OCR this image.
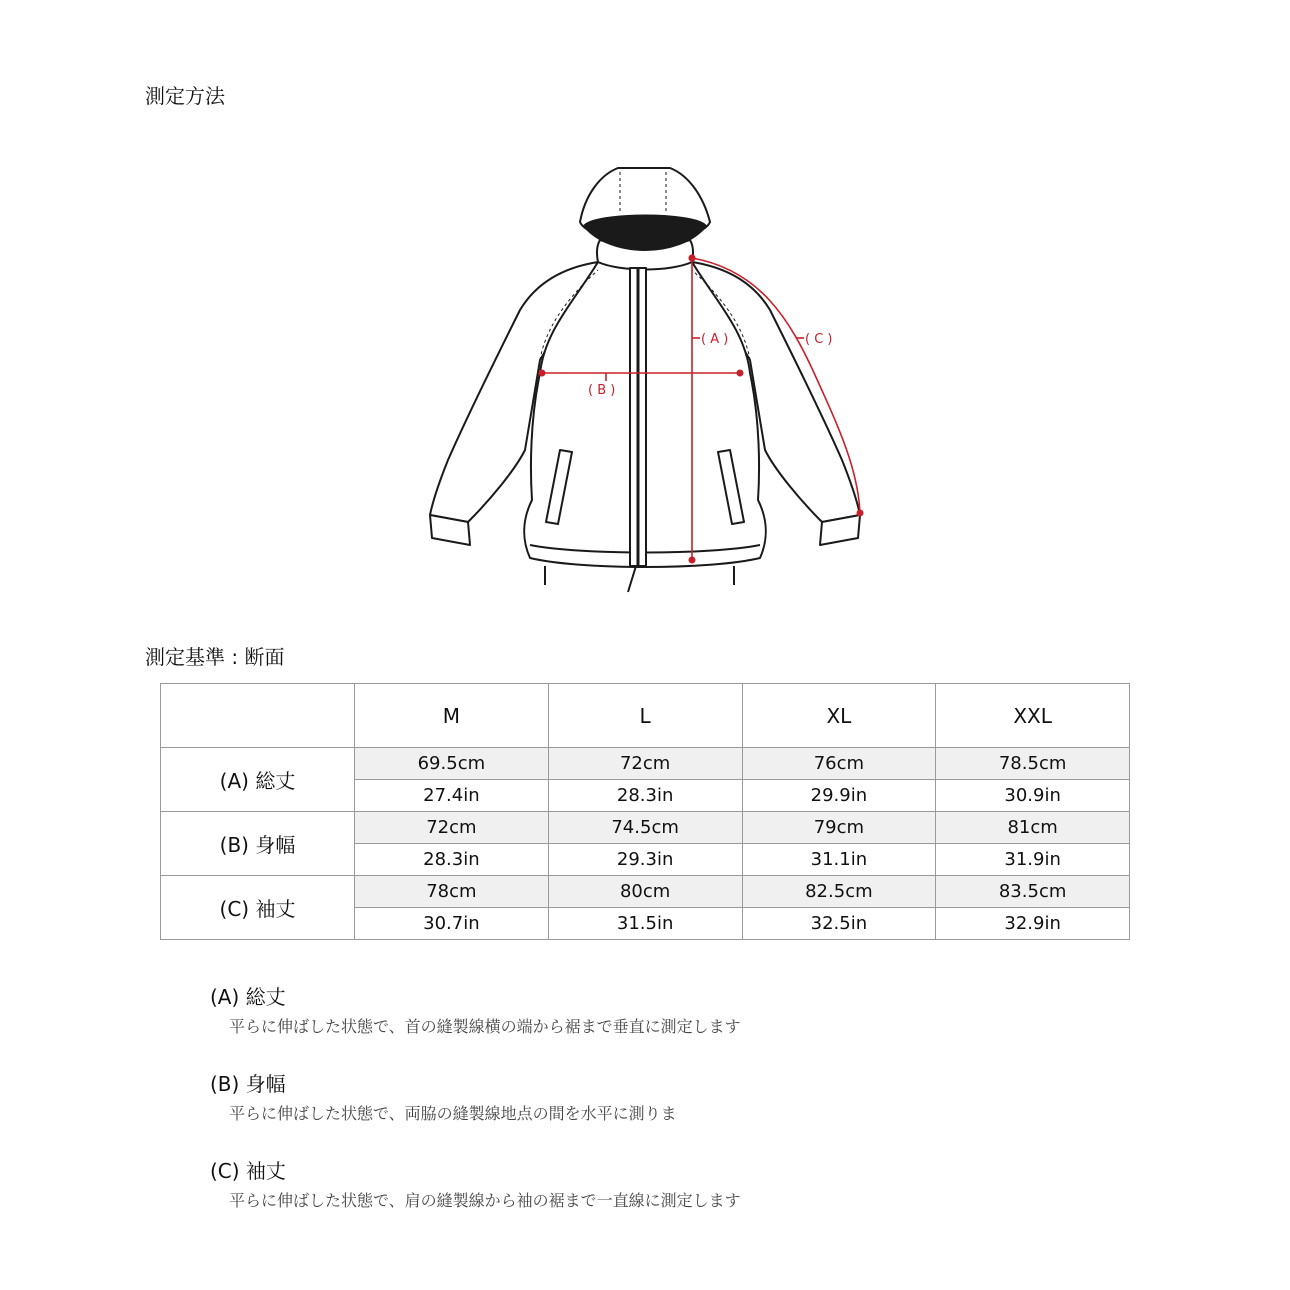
測定方法
( A )
( B )
( C )
測定基準 : 断面
	M	L	XL	XXL
(A) 総丈	69.5cm	72cm	76cm	78.5cm
	27.4in	28.3in	29.9in	30.9in
(B) 身幅	72cm	74.5cm	79cm	81cm
	28.3in	29.3in	31.1in	31.9in
(C) 袖丈	78cm	80cm	82.5cm	83.5cm
	30.7in	31.5in	32.5in	32.9in
(A) 総丈
平らに伸ばした状態で、首の縫製線横の端から裾まで垂直に測定します
(B) 身幅
平らに伸ばした状態で、両脇の縫製線地点の間を水平に測りま
(C) 袖丈
平らに伸ばした状態で、肩の縫製線から袖の裾まで一直線に測定します
